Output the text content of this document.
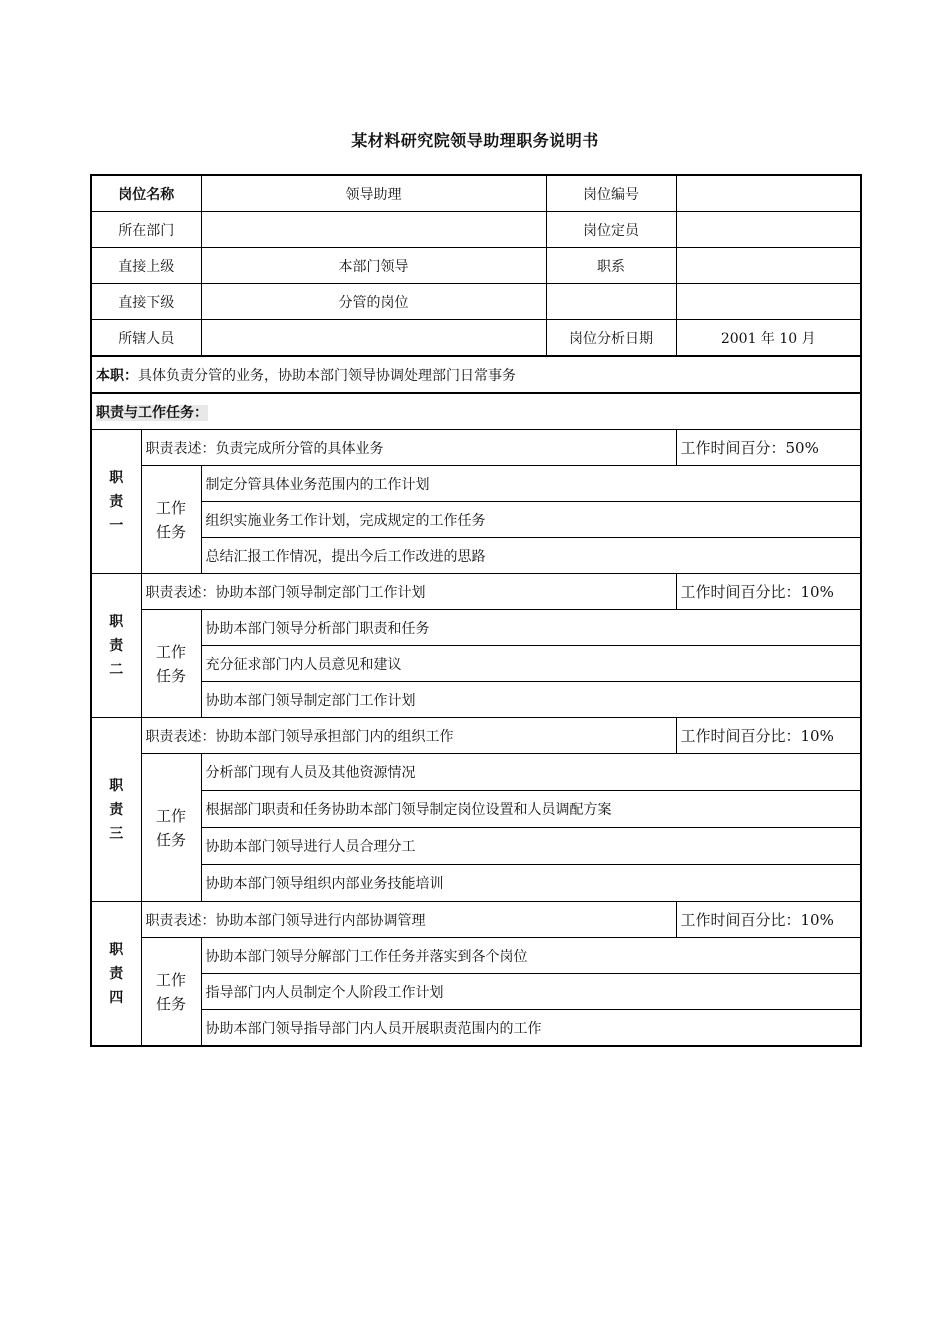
某材料研究院领导助理职务说明书
岗位名称		领导助理	岗位编号	
所在部门			岗位定员	
直接上级		本部门领导	职系	
直接下级		分管的岗位		
所辖人员			岗位分析日期	2001 年 10 月
本职：具体负责分管的业务，协助本部门领导协调处理部门日常事务				
职责与工作任务：				
职责一	职责表述：负责完成所分管的具体业务			工作时间百分：50%
	工作任务	制定分管具体业务范围内的工作计划		
		组织实施业务工作计划，完成规定的工作任务		
		总结汇报工作情况，提出今后工作改进的思路		
职责二	职责表述：协助本部门领导制定部门工作计划			工作时间百分比：10%
	工作任务	协助本部门领导分析部门职责和任务		
		充分征求部门内人员意见和建议		
		协助本部门领导制定部门工作计划		
职责三	职责表述：协助本部门领导承担部门内的组织工作			工作时间百分比：10%
	工作任务	分析部门现有人员及其他资源情况		
		根据部门职责和任务协助本部门领导制定岗位设置和人员调配方案		
		协助本部门领导进行人员合理分工		
		协助本部门领导组织内部业务技能培训		
职责四	职责表述：协助本部门领导进行内部协调管理			工作时间百分比：10%
	工作任务	协助本部门领导分解部门工作任务并落实到各个岗位		
		指导部门内人员制定个人阶段工作计划		
		协助本部门领导指导部门内人员开展职责范围内的工作		
